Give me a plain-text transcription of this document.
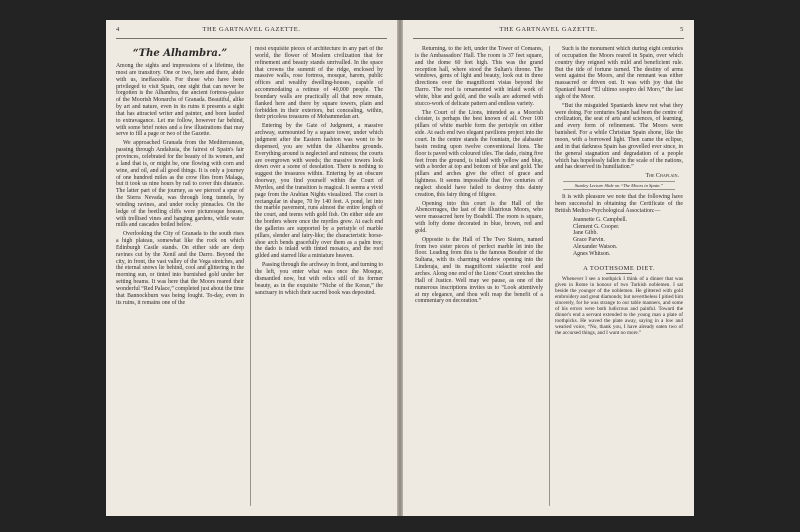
4	THE GARTNAVEL GAZETTE.
“The Alhambra.”

Among the sights and impressions of a lifetime, the most are transitory. One or two, here and there, abide with us, ineffaceable. For those who have been privileged to visit Spain, one sight that can never be forgotten is the Alhambra, the ancient fortress-palace of the Moorish Monarchs of Granada. Beautiful, alike by art and nature, even in its ruins it presents a sight that has attracted writer and painter, and been lauded to extravagance. Let me follow, however far behind, with some brief notes and a few illustrations that may serve to fill a page or two of the Gazette.

We approached Granada from the Mediterranean, passing through Andalusia, the fairest of Spain's fair provinces, celebrated for the beauty of its women, and a land that is, or might be, one flowing with corn and wine, and oil, and all good things. It is only a journey of one hundred miles as the crow flies from Malaga, but it took us nine hours by rail to cover this distance. The latter part of the journey, as we pierced a spur of the Sierra Nevada, was through long tunnels, by winding ravines, and under rocky pinnacles. On the ledge of the beetling cliffs were picturesque houses, with trellised vines and hanging gardens, while water mills and cascades boiled below.

Overlooking the City of Granada to the south rises a high plateau, somewhat like the rock on which Edinburgh Castle stands. On either side are deep ravines cut by the Xenil and the Darro. Beyond the city, in front, the vast valley of the Vega stretches, and the eternal snows lie behind, cool and glittering in the morning sun, or tinted into burnished gold under her setting beams. It was here that the Moors reared their wonderful “Red Palace,” completed just about the time that Bannockburn was being fought. To-day, even in its ruins, it remains one of the

most exquisite pieces of architecture in any part of the world, the flower of Moslem civilization that for refinement and beauty stands unrivalled. In the space that crowns the summit of the ridge, enclosed by massive walls, rose fortress, mosque, harem, public offices and wealthy dwelling-houses, capable of accommodating a retinue of 40,000 people. The boundary walls are practically all that now remain, flanked here and there by square towers, plain and forbidden in their exteriors, but concealing, within, their priceless treasures of Mohammedan art.

Entering by the Gate of Judgment, a massive archway, surmounted by a square tower, under which judgment after the Eastern fashion was wont to be dispensed, you are within the Alhambra grounds. Everything around is neglected and ruinous; the courts are overgrown with weeds; the massive towers look down over a scene of desolation. There is nothing to suggest the treasures within. Entering by an obscure doorway, you find yourself within the Court of Myrtles, and the transition is magical. It seems a vivid page from the Arabian Nights visualized. The court is rectangular in shape, 70 by 140 feet. A pond, let into the marble pavement, runs almost the entire length of the court, and teems with gold fish. On either side are the borders where once the myrtles grew. At each end the galleries are supported by a peristyle of marble pillars, slender and fairy-like; the characteristic horse-shoe arch bends gracefully over them as a palm tree; the dado is inlaid with tinted mosaics, and the roof gilded and starred like a miniature heaven.

Passing through the archway in front, and turning to the left, you enter what was once the Mosque, dismantled now, but with relics still of its former beauty, as in the exquisite “Niche of the Koran,” the sanctuary in which their sacred book was deposited.

THE GARTNAVEL GAZETTE.	5

Returning, to the left, under the Tower of Comares, is the Ambassadors' Hall. The room is 37 feet square, and the dome 60 feet high. This was the grand reception hall, where stood the Sultan's throne. The windows, gems of light and beauty, look out in three directions over the magnificent vistas beyond the Darro. The roof is ornamented with inlaid work of white, blue and gold, and the walls are adorned with stucco-work of delicate pattern and endless variety.

The Court of the Lions, intended as a Moorish cloister, is perhaps the best known of all. Over 100 pillars of white marble form the peristyle on either side. At each end two elegant pavilions project into the court. In the centre stands the fountain, the alabaster basin resting upon twelve conventional lions. The floor is paved with coloured tiles. The dado, rising five feet from the ground, is inlaid with yellow and blue, with a border at top and bottom of blue and gold. The pillars and arches give the effect of grace and lightness. It seems impossible that five centuries of neglect should have failed to destroy this dainty creation, this fairy thing of filigree.

Opening into this court is the Hall of the Abencerrages, the last of the illustrious Moors, who were massacred here by Boabdil. The room is square, with lofty dome decorated in blue, brown, red and gold.

Opposite is the Hall of The Two Sisters, named from two sister pieces of perfect marble let into the floor. Leading from this is the famous Boudoir of the Sultana, with its charming window opening into the Linderaja, and its magnificent stalactite roof and arches. Along one end of the Lions' Court stretches the Hall of Justice. Well may we pause, as one of the numerous inscriptions invites us to “Look attentively at my elegance, and thou wilt reap the benefit of a commentary on decoration.”

Such is the monument which during eight centuries of occupation the Moors reared in Spain, over which country they reigned with mild and beneficient rule. But the tide of fortune turned. The destiny of arms went against the Moors, and the remnant was either massacred or driven out. It was with joy that the Spaniard heard “El ultimo sospiro del Moro,” the last sigh of the Moor.

“But the misguided Spaniards knew not what they were doing. For centuries Spain had been the centre of civilization, the seat of arts and sciences, of learning, and every form of refinement. The Moors were banished. For a while Christian Spain shone, like the moon, with a borrowed light. Then came the eclipse, and in that darkness Spain has grovelled ever since, in the general stagnation and degradation of a people which has hopelessly fallen in the scale of the nations, and has deserved its humiliation.”

The Chaplain.
Stanley Lecture Slide on “The Moors in Spain.”

It is with pleasure we note that the following have been successful in obtaining the Certificate of the British Medico-Psychological Association:—

Jeannette G. Campbell.
Clement G. Cooper.
Jane Gibb.
Grace Parvin.
Alexander Watson.
Agnes Whitson.
A TOOTHSOME DIET.

Whenever I see a toothpick I think of a dinner that was given in Rome in honour of two Turkish noblemen. I sat beside the younger of the noblemen. He glittered with gold embroidery and great diamonds; but nevertheless I pitied him sincerely, for he was strange to our table manners, and some of his errors were both ludicrous and painful. Toward the dinner's end a servant extended to the young man a plate of toothpicks. He waved the plate away, saying in a low and wearied voice, “No, thank you, I have already eaten two of the accursed things, and I want no more.”
